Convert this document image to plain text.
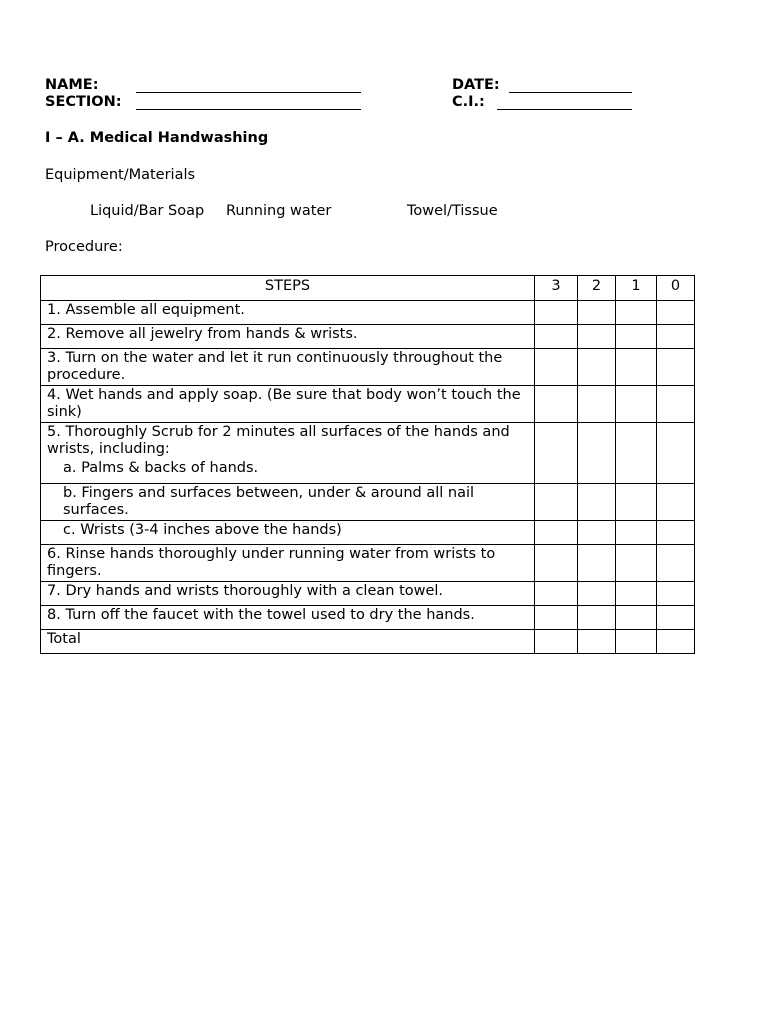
NAME:
SECTION:
DATE:
C.I.:
I – A. Medical Handwashing
Equipment/Materials
Liquid/Bar Soap Running water	Towel/Tissue
Procedure:
STEPS	3	2	1	0
1. Assemble all equipment.				
2. Remove all jewelry from hands & wrists.				
3. Turn on the water and let it run continuously throughout the procedure.				
4. Wet hands and apply soap. (Be sure that body won’t touch the sink)				

5. Thoroughly Scrub for 2 minutes all surfaces of the hands and wrists, including:
a. Palms & backs of hands.				

b. Fingers and surfaces between, under & around all nail surfaces.				
c. Wrists (3-4 inches above the hands)				
6. Rinse hands thoroughly under running water from wrists to fingers.				
7. Dry hands and wrists thoroughly with a clean towel.				
8. Turn off the faucet with the towel used to dry the hands.				
Total				
